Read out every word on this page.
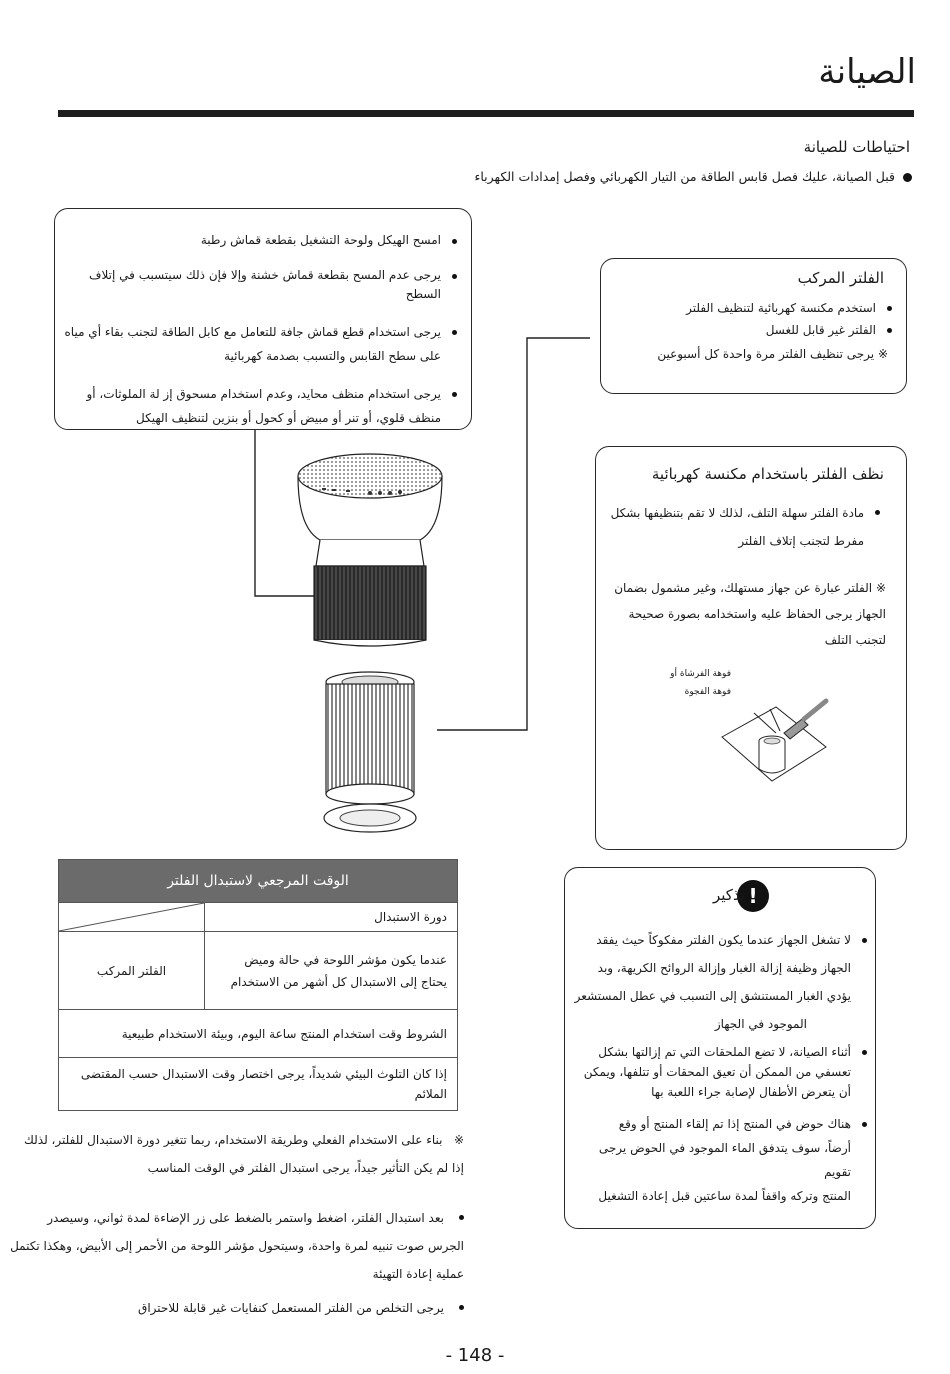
الصيانة
احتياطات للصيانة
قبل الصيانة، عليك فصل قابس الطاقة من التيار الكهربائي وفصل إمدادات الكهرباء
امسح الهيكل ولوحة التشغيل بقطعة قماش رطبة
يرجى عدم المسح بقطعة قماش خشنة وإلا فإن ذلك سيتسبب في إتلاف السطح
يرجى استخدام قطع قماش جافة للتعامل مع كابل الطاقة لتجنب بقاء أي مياه
على سطح القابس والتسبب بصدمة كهربائية
يرجى استخدام منظف محايد، وعدم استخدام مسحوق إز لة الملوثات، أو
منظف قلوي، أو تنر أو مبيض أو كحول أو بنزين لتنظيف الهيكل
الفلتر المركب
استخدم مكنسة كهربائية لتنظيف الفلتر
الفلتر غير قابل للغسل
※ يرجى تنظيف الفلتر مرة واحدة كل أسبوعين
نظف الفلتر باستخدام مكنسة كهربائية
مادة الفلتر سهلة التلف، لذلك لا تقم بتنظيفها بشكل
مفرط لتجنب إتلاف الفلتر
※ الفلتر عبارة عن جهاز مستهلك، وغير مشمول بضمان
الجهاز يرجى الحفاظ عليه واستخدامه بصورة صحيحة
لتجنب التلف
فوهة الفرشاة أو
فوهة الفجوة
الوقت المرجعي لاستبدال الفلتر	
دورة الاستبدال	

عندما يكون مؤشر اللوحة في حالة وميض
يحتاج إلى الاستبدال كل أشهر من الاستخدام	الفلتر المركب
الشروط وقت استخدام المنتج ساعة اليوم، وبيئة الاستخدام طبيعية	

إذا كان التلوث البيئي شديداً، يرجى اختصار وقت الاستبدال حسب المقتضى
الملائم	
※   بناء على الاستخدام الفعلي وطريقة الاستخدام، ربما تتغير دورة الاستبدال للفلتر، لذلك
إذا لم يكن التأثير جيداً، يرجى استبدال الفلتر في الوقت المناسب
بعد استبدال الفلتر، اضغط واستمر بالضغط على زر الإضاءة لمدة ثواني، وسيصدر
الجرس صوت تنبيه لمرة واحدة، وسيتحول مؤشر اللوحة من الأحمر إلى الأبيض، وهكذا تكتمل
عملية إعادة التهيئة
يرجى التخلص من الفلتر المستعمل كنفايات غير قابلة للاحتراق
!
تذكير
لا تشغل الجهاز عندما يكون الفلتر مفكوكاً حيث يفقد
الجهاز وظيفة إزالة الغبار وإزالة الروائح الكريهة، وبد
يؤدي الغبار المستنشق إلى التسبب في عطل المستشعر
الموجود في الجهاز
أثناء الصيانة، لا تضع الملحقات التي تم إزالتها بشكل
تعسفي من الممكن أن تعيق المحقات أو تتلفها، ويمكن
أن يتعرض الأطفال لإصابة جراء اللعبة بها
هناك حوض في المنتج إذا تم إلقاء المنتج أو وقع
أرضاً، سوف يتدفق الماء الموجود في الحوض يرجى تقويم
المنتج وتركه واقفاً لمدة ساعتين قبل إعادة التشغيل
- 148 -
